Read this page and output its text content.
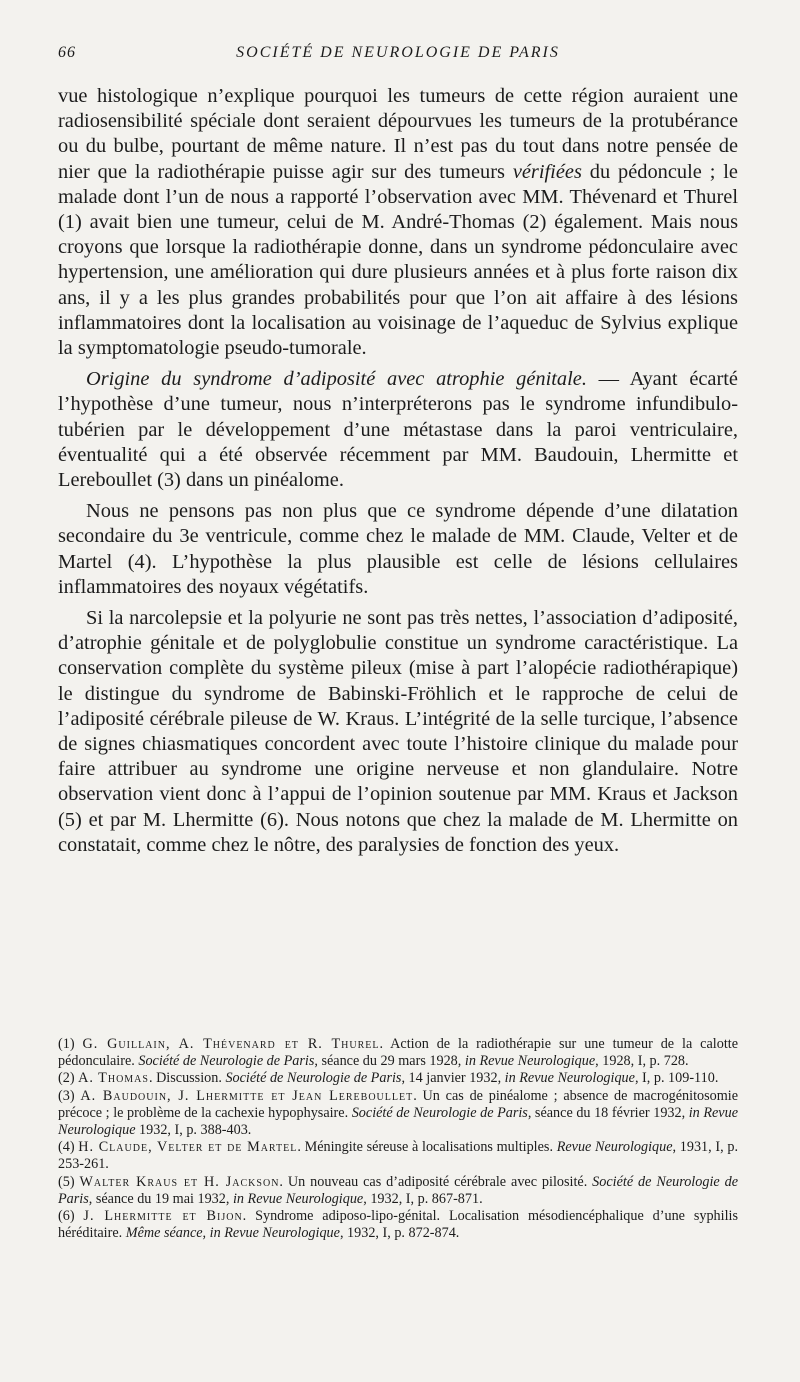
66	SOCIÉTÉ DE NEUROLOGIE DE PARIS

vue histologique n’explique pourquoi les tumeurs de cette région auraient une radiosensibilité spéciale dont seraient dépourvues les tumeurs de la protubérance ou du bulbe, pourtant de même nature. Il n’est pas du tout dans notre pensée de nier que la radiothérapie puisse agir sur des tumeurs vérifiées du pédoncule ; le malade dont l’un de nous a rapporté l’observation avec MM. Thévenard et Thurel (1) avait bien une tumeur, celui de M. André-Thomas (2) également. Mais nous croyons que lorsque la radiothérapie donne, dans un syndrome pédonculaire avec hypertension, une amélioration qui dure plusieurs années et à plus forte raison dix ans, il y a les plus grandes probabilités pour que l’on ait affaire à des lésions inflammatoires dont la localisation au voisinage de l’aqueduc de Sylvius explique la symptomatologie pseudo-tumorale.

Origine du syndrome d’adiposité avec atrophie génitale. — Ayant écarté l’hypothèse d’une tumeur, nous n’interpréterons pas le syndrome infundibulo-tubérien par le développement d’une métastase dans la paroi ventriculaire, éventualité qui a été observée récemment par MM. Baudouin, Lhermitte et Lereboullet (3) dans un pinéalome.

Nous ne pensons pas non plus que ce syndrome dépende d’une dilatation secondaire du 3e ventricule, comme chez le malade de MM. Claude, Velter et de Martel (4). L’hypothèse la plus plausible est celle de lésions cellulaires inflammatoires des noyaux végétatifs.

Si la narcolepsie et la polyurie ne sont pas très nettes, l’association d’adiposité, d’atrophie génitale et de polyglobulie constitue un syndrome caractéristique. La conservation complète du système pileux (mise à part l’alopécie radiothérapique) le distingue du syndrome de Babinski-Fröhlich et le rapproche de celui de l’adiposité cérébrale pileuse de W. Kraus. L’intégrité de la selle turcique, l’absence de signes chiasmatiques concordent avec toute l’histoire clinique du malade pour faire attribuer au syndrome une origine nerveuse et non glandulaire. Notre observation vient donc à l’appui de l’opinion soutenue par MM. Kraus et Jackson (5) et par M. Lhermitte (6). Nous notons que chez la malade de M. Lhermitte on constatait, comme chez le nôtre, des paralysies de fonction des yeux.

(1) G. Guillain, A. Thévenard et R. Thurel. Action de la radiothérapie sur une tumeur de la calotte pédonculaire. Société de Neurologie de Paris, séance du 29 mars 1928, in Revue Neurologique, 1928, I, p. 728.

(2) A. Thomas. Discussion. Société de Neurologie de Paris, 14 janvier 1932, in Revue Neurologique, I, p. 109-110.

(3) A. Baudouin, J. Lhermitte et Jean Lereboullet. Un cas de pinéalome ; absence de macrogénitosomie précoce ; le problème de la cachexie hypophysaire. Société de Neurologie de Paris, séance du 18 février 1932, in Revue Neurologique 1932, I, p. 388-403.

(4) H. Claude, Velter et de Martel. Méningite séreuse à localisations multiples. Revue Neurologique, 1931, I, p. 253-261.

(5) Walter Kraus et H. Jackson. Un nouveau cas d’adiposité cérébrale avec pilosité. Société de Neurologie de Paris, séance du 19 mai 1932, in Revue Neurologique, 1932, I, p. 867-871.

(6) J. Lhermitte et Bijon. Syndrome adiposo-lipo-génital. Localisation mésodiencéphalique d’une syphilis héréditaire. Même séance, in Revue Neurologique, 1932, I, p. 872-874.
